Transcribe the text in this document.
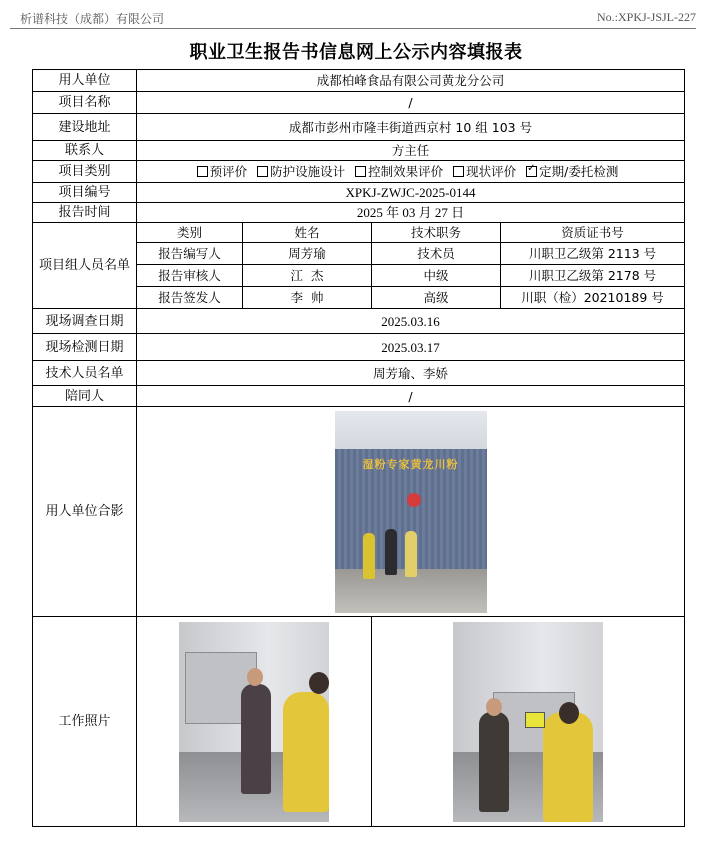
析谱科技（成都）有限公司	No.:XPKJ-JSJL-227
职业卫生报告书信息网上公示内容填报表
用人单位	成都柏峰食品有限公司黄龙分公司			
项目名称	/			
建设地址	成都市彭州市隆丰街道西京村 10 组 103 号			
联系人	方主任			
项目类别	预评价 防护设施设计 控制效果评价 现状评价 ✓ 定期/委托检测
项目编号	XPKJ-ZWJC-2025-0144			
报告时间	2025 年 03 月 27 日			
项目组人员名单	类别	姓名	技术职务	资质证书号
	报告编写人	周芳瑜	技术员	川职卫乙级第 2113 号
	报告审核人	江  杰	中级	川职卫乙级第 2178 号
	报告签发人	李  帅	高级	川职（检）20210189 号
现场调查日期	2025.03.16			
现场检测日期	2025.03.17			
技术人员名单	周芳瑜、李娇			
陪同人	/			
用人单位合影	湿粉专家黄龙川粉			

工作照片			
